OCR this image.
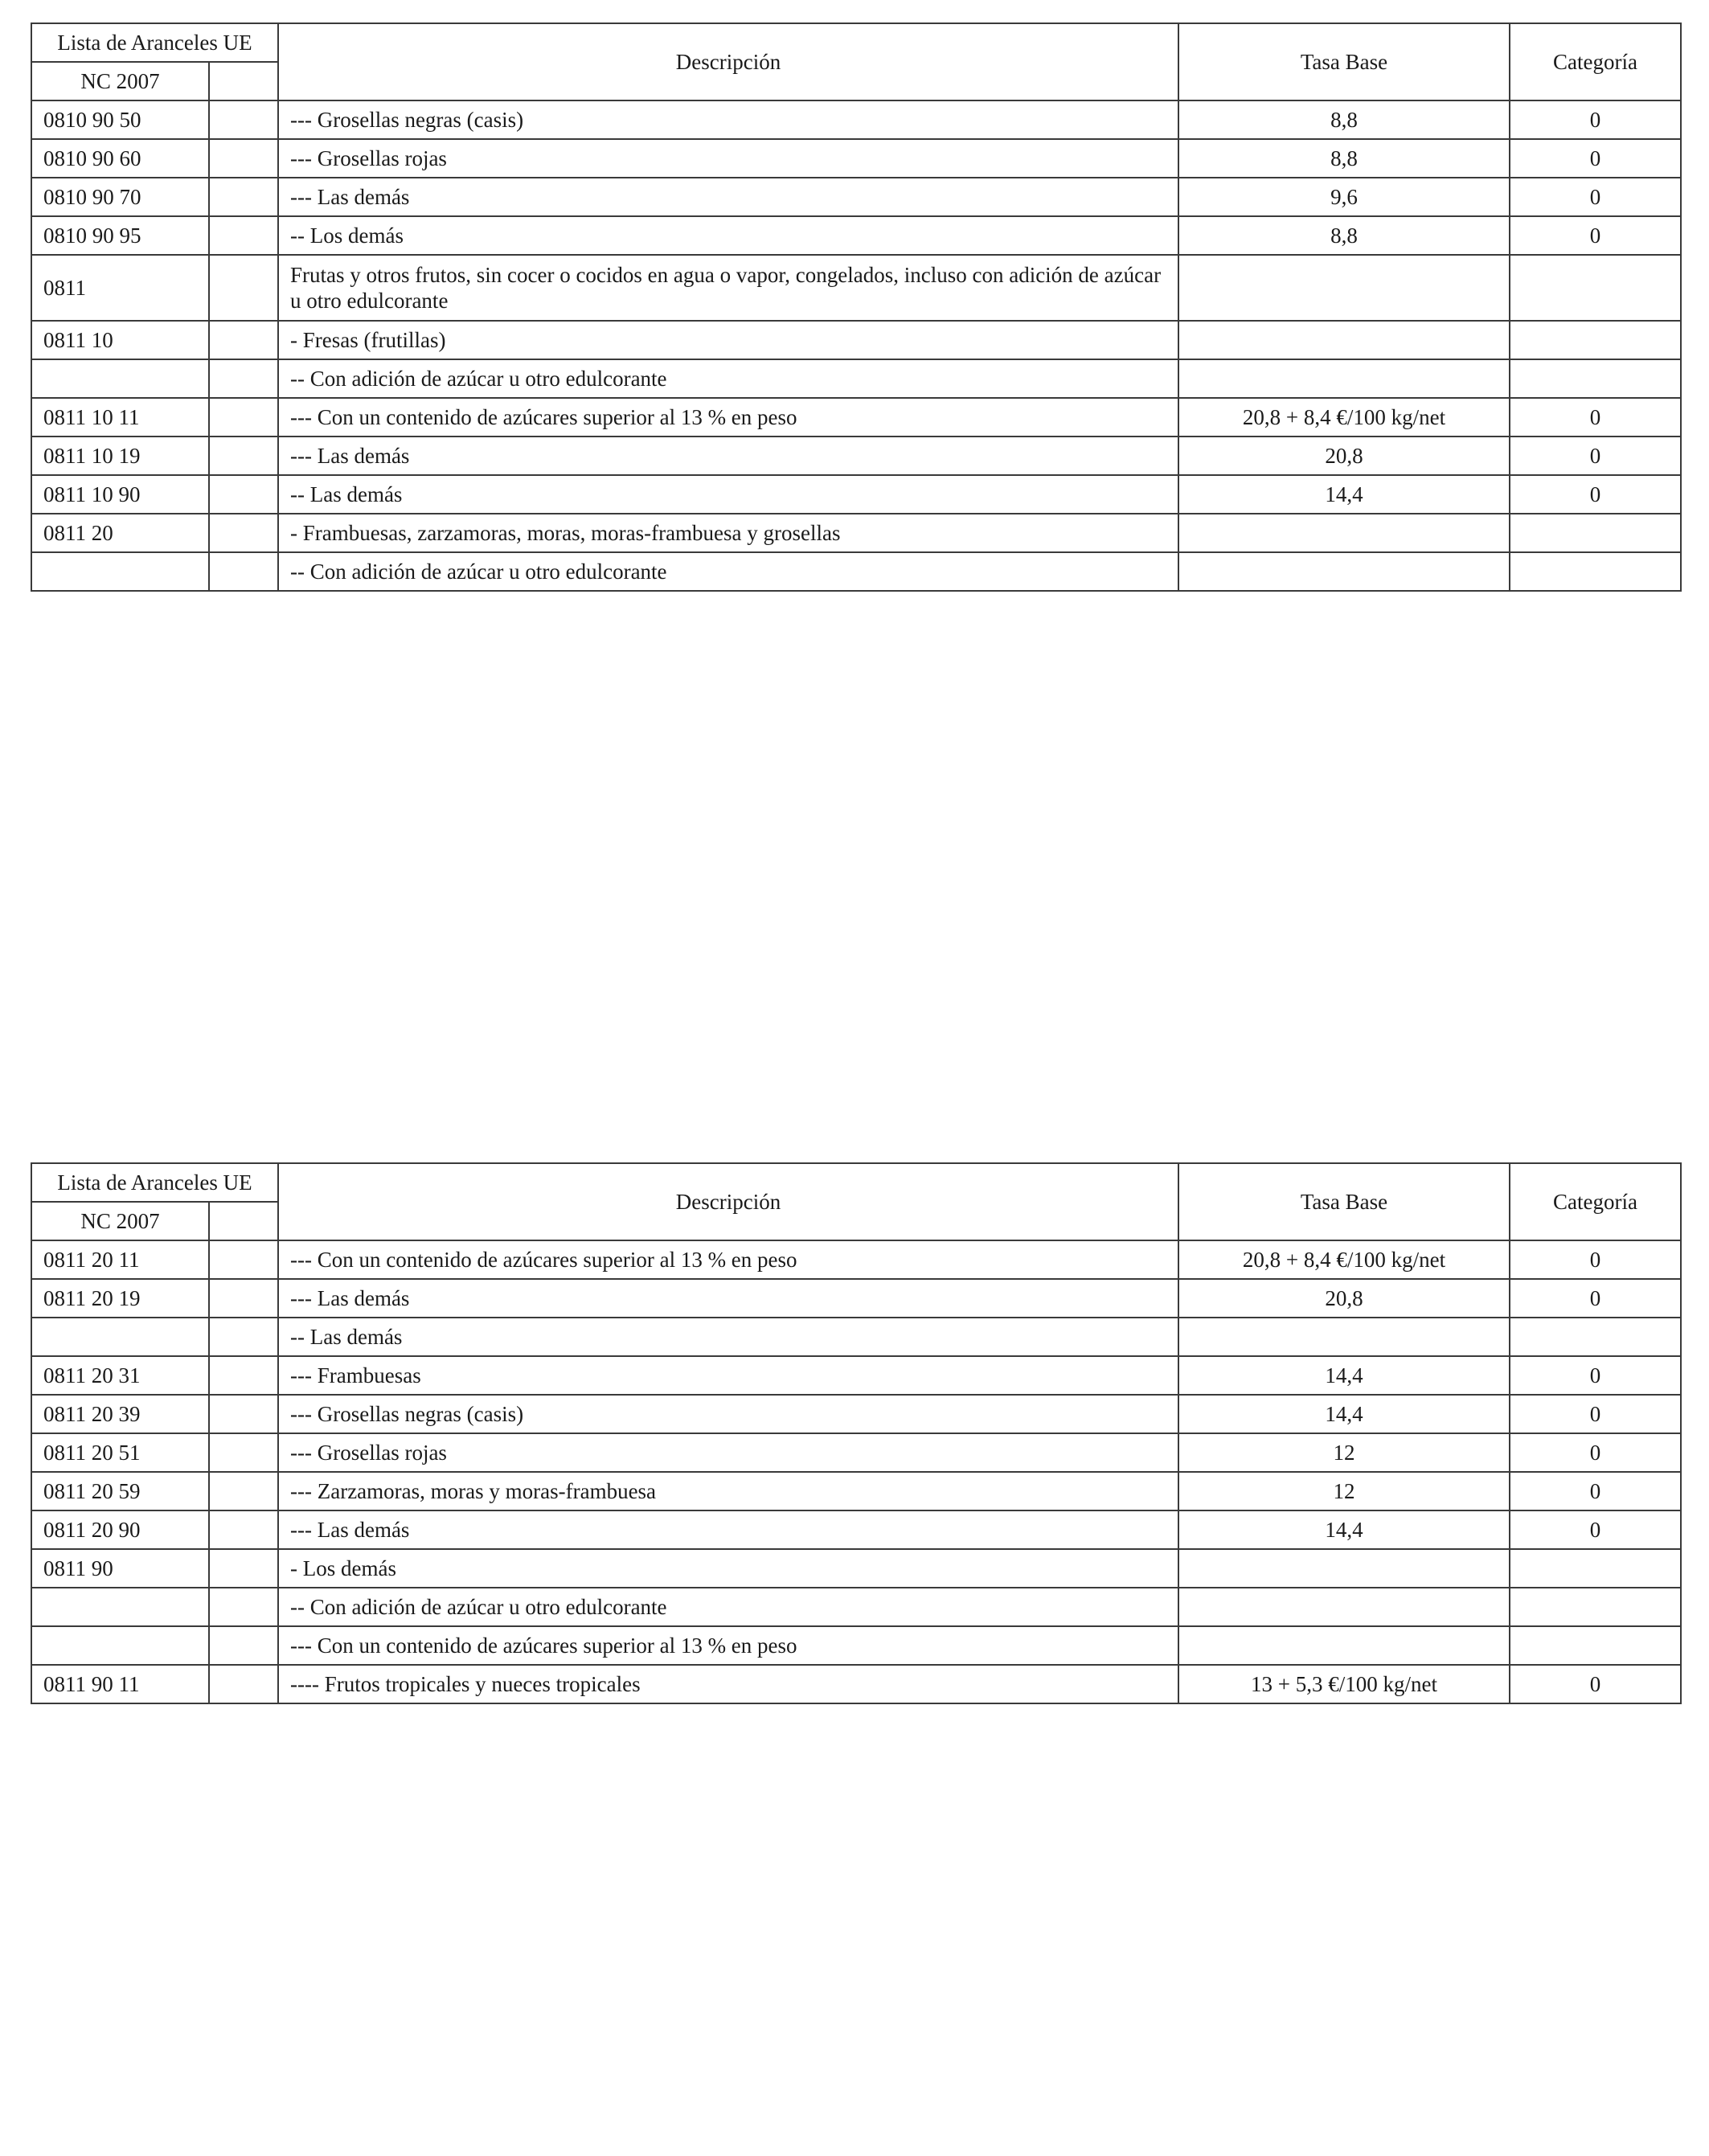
Lista de Aranceles UE		Descripción	Tasa Base	Categoría
NC 2007				
0810 90 50		--- Grosellas negras (casis)	8,8	0
0810 90 60		--- Grosellas rojas	8,8	0
0810 90 70		--- Las demás	9,6	0
0810 90 95		-- Los demás	8,8	0
0811		Frutas y otros frutos, sin cocer o cocidos en agua o vapor, congelados, incluso con adición de azúcar u otro edulcorante		
0811 10		- Fresas (frutillas)		
		-- Con adición de azúcar u otro edulcorante		
0811 10 11		--- Con un contenido de azúcares superior al 13 % en peso	20,8 + 8,4 €/100 kg/net	0
0811 10 19		--- Las demás	20,8	0
0811 10 90		-- Las demás	14,4	0
0811 20		- Frambuesas, zarzamoras, moras, moras-frambuesa y grosellas		
		-- Con adición de azúcar u otro edulcorante		
Lista de Aranceles UE		Descripción	Tasa Base	Categoría
NC 2007				
0811 20 11		--- Con un contenido de azúcares superior al 13 % en peso	20,8 + 8,4 €/100 kg/net	0
0811 20 19		--- Las demás	20,8	0
		-- Las demás		
0811 20 31		--- Frambuesas	14,4	0
0811 20 39		--- Grosellas negras (casis)	14,4	0
0811 20 51		--- Grosellas rojas	12	0
0811 20 59		--- Zarzamoras, moras y moras-frambuesa	12	0
0811 20 90		--- Las demás	14,4	0
0811 90		- Los demás		
		-- Con adición de azúcar u otro edulcorante		
		--- Con un contenido de azúcares superior al 13 % en peso		
0811 90 11		---- Frutos tropicales y nueces tropicales	13 + 5,3 €/100 kg/net	0
